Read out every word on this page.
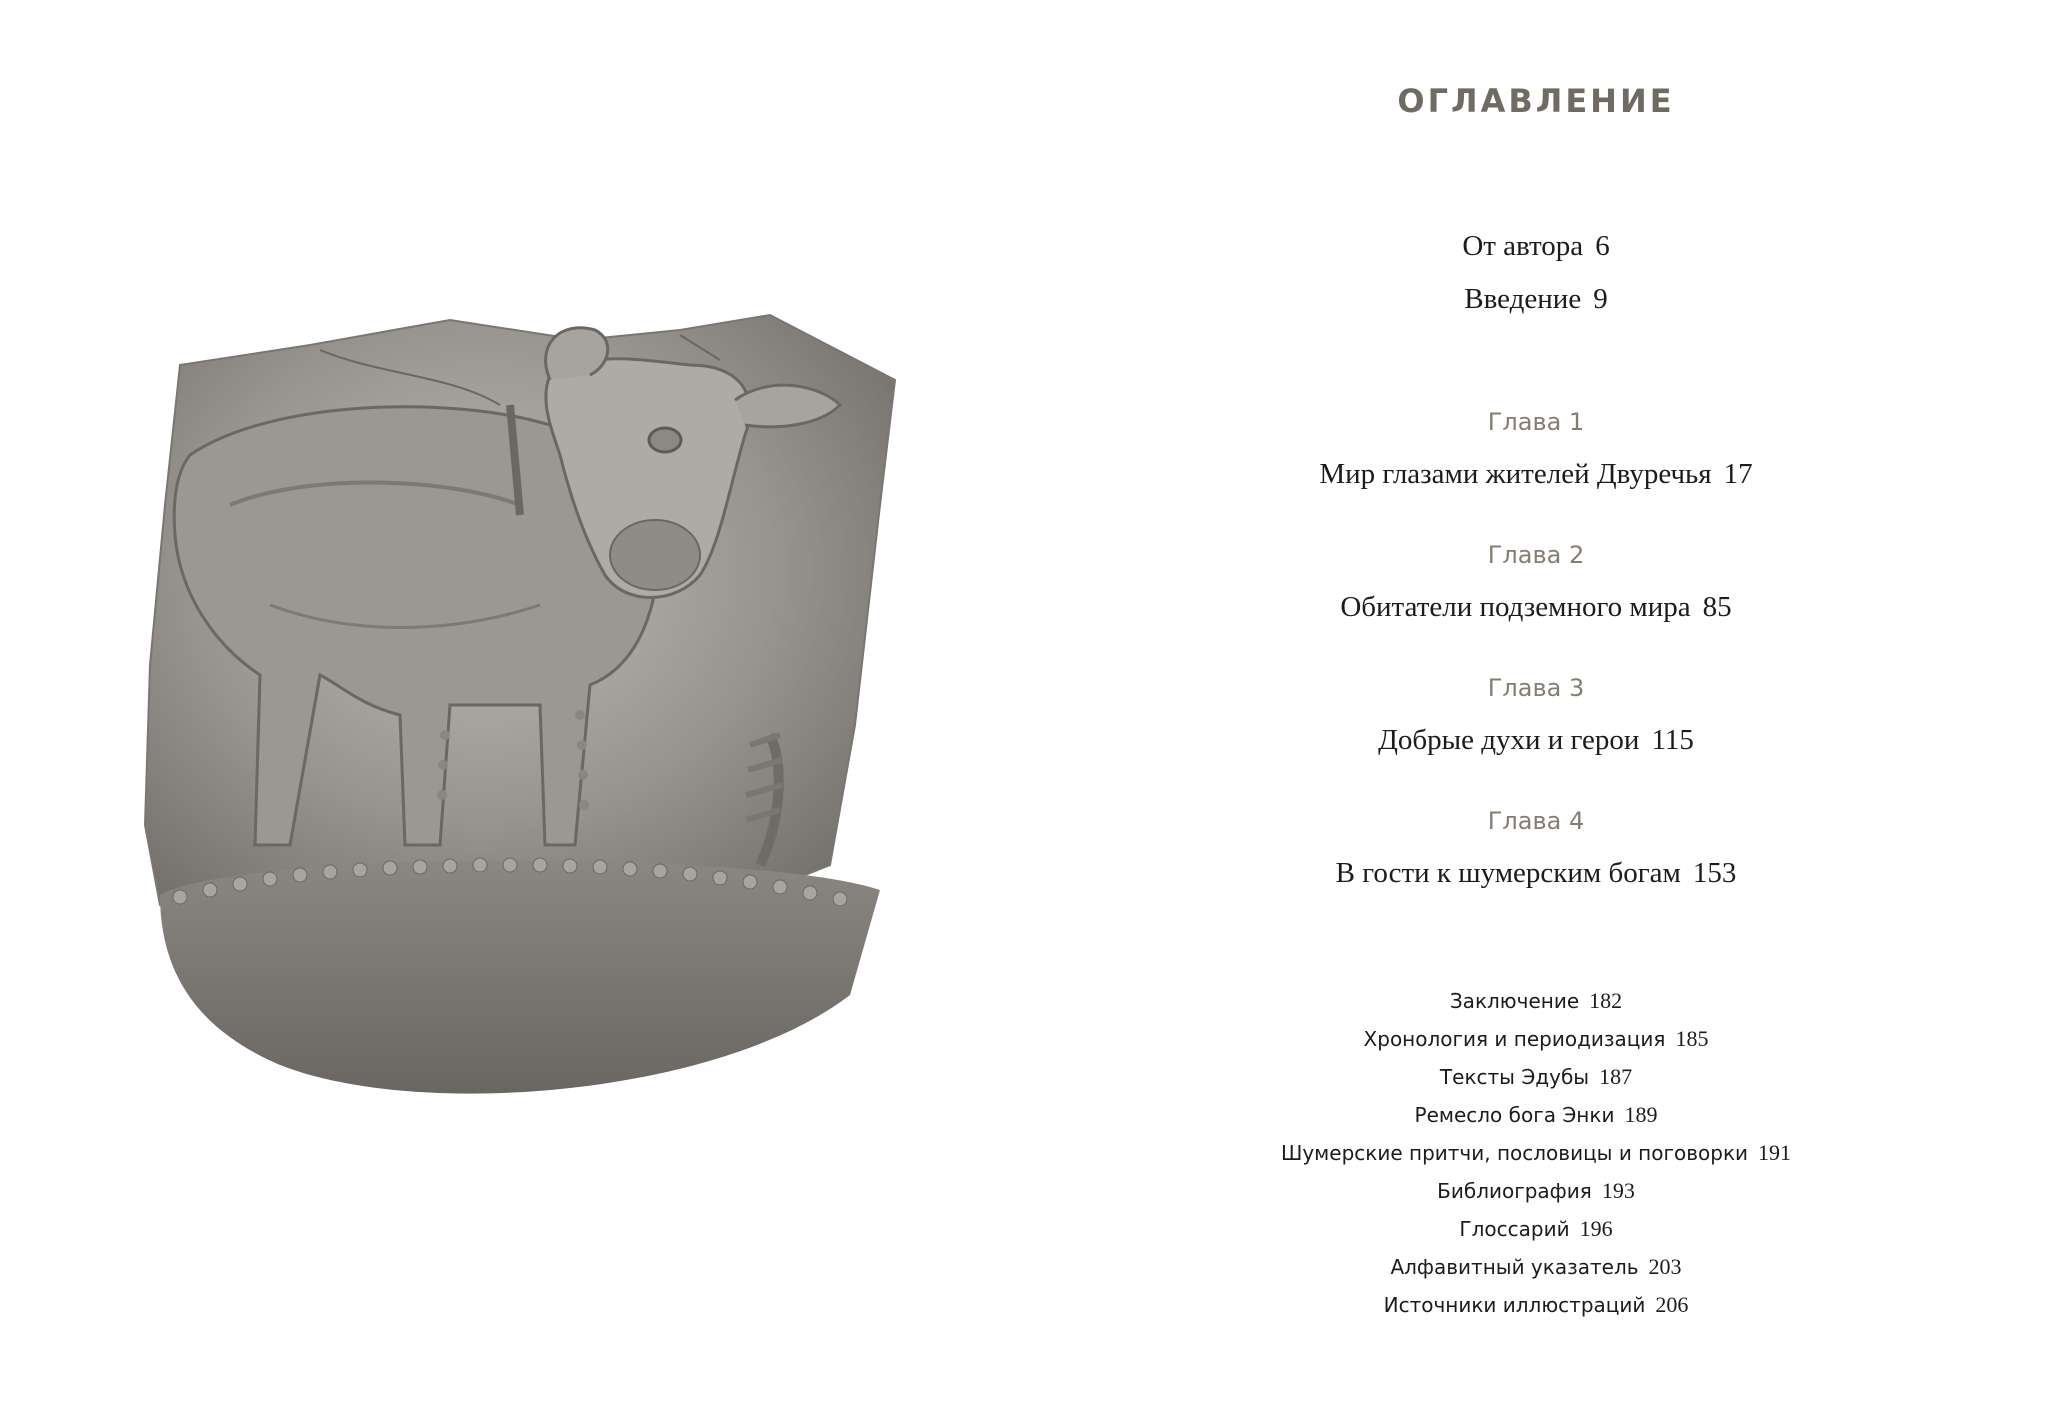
ОГЛАВЛЕНИЕ
От автора 6
Введение 9
Глава 1
Мир глазами жителей Двуречья 17
Глава 2
Обитатели подземного мира 85
Глава 3
Добрые духи и герои 115
Глава 4
В гости к шумерским богам 153
Заключение 182
Хронология и периодизация 185
Тексты Эдубы 187
Ремесло бога Энки 189
Шумерские притчи, пословицы и поговорки 191
Библиография 193
Глоссарий 196
Алфавитный указатель 203
Источники иллюстраций 206
